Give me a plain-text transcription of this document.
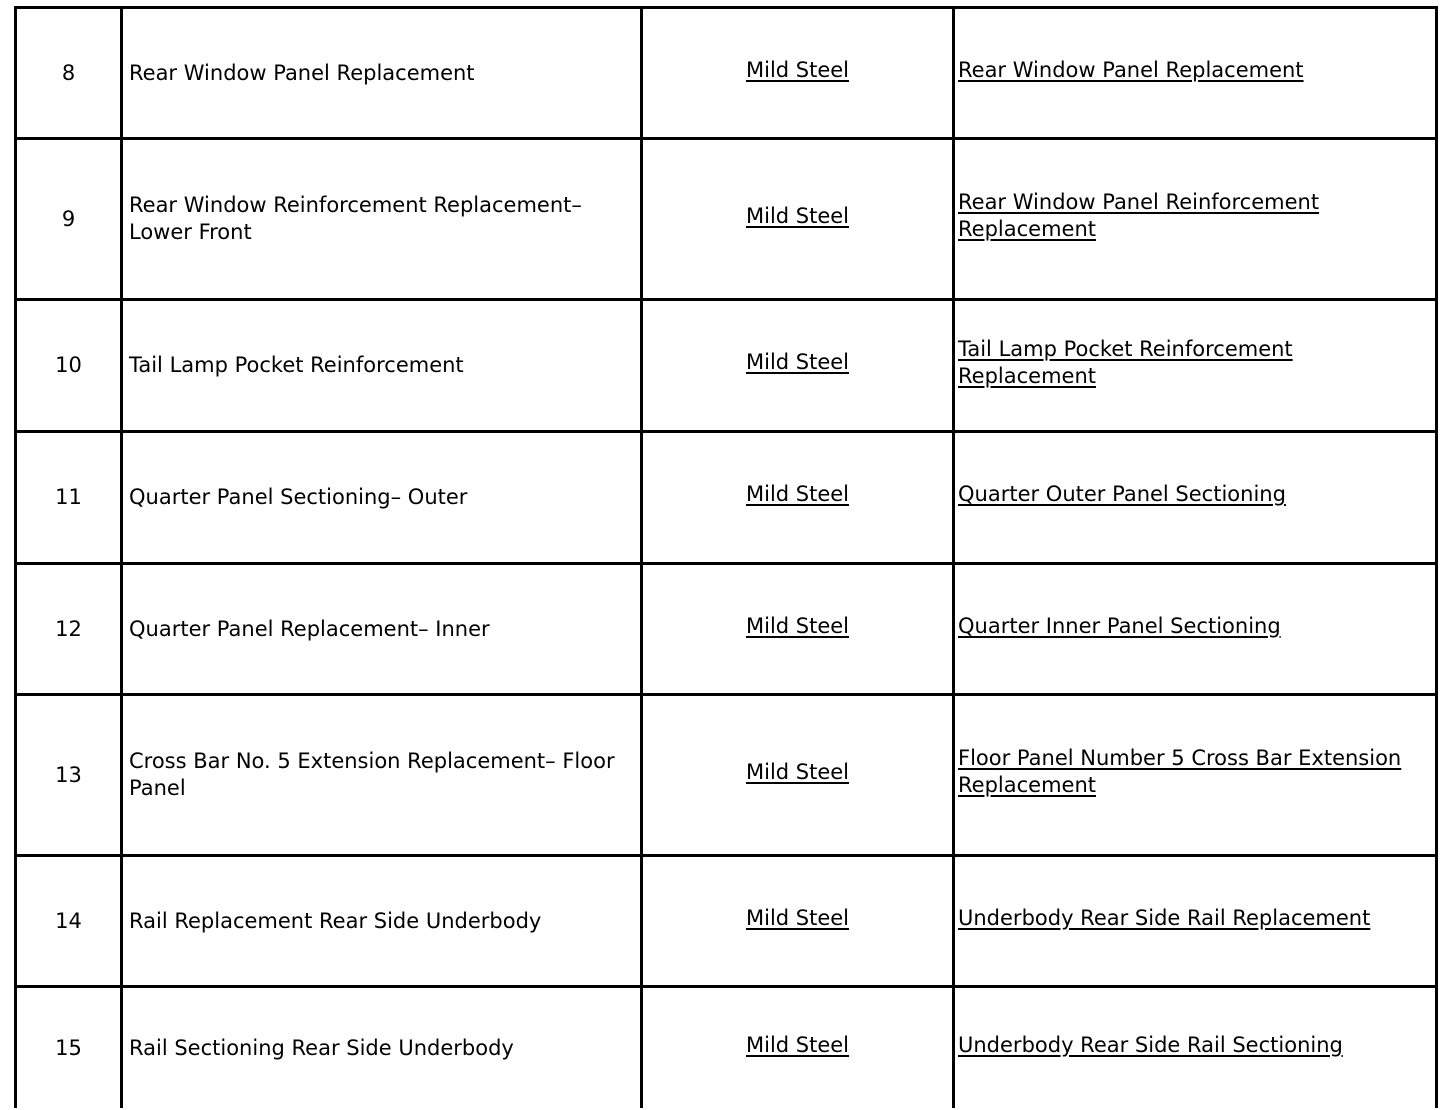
8	Rear Window Panel Replacement	Mild Steel	Rear Window Panel Replacement
9	Rear Window Reinforcement Replacement– Lower Front	Mild Steel	Rear Window Panel Reinforcement Replacement
10	Tail Lamp Pocket Reinforcement	Mild Steel	Tail Lamp Pocket Reinforcement Replacement
11	Quarter Panel Sectioning– Outer	Mild Steel	Quarter Outer Panel Sectioning
12	Quarter Panel Replacement– Inner	Mild Steel	Quarter Inner Panel Sectioning
13	Cross Bar No. 5 Extension Replacement– Floor Panel	Mild Steel	Floor Panel Number 5 Cross Bar Extension Replacement
14	Rail Replacement Rear Side Underbody	Mild Steel	Underbody Rear Side Rail Replacement
15	Rail Sectioning Rear Side Underbody	Mild Steel	Underbody Rear Side Rail Sectioning
